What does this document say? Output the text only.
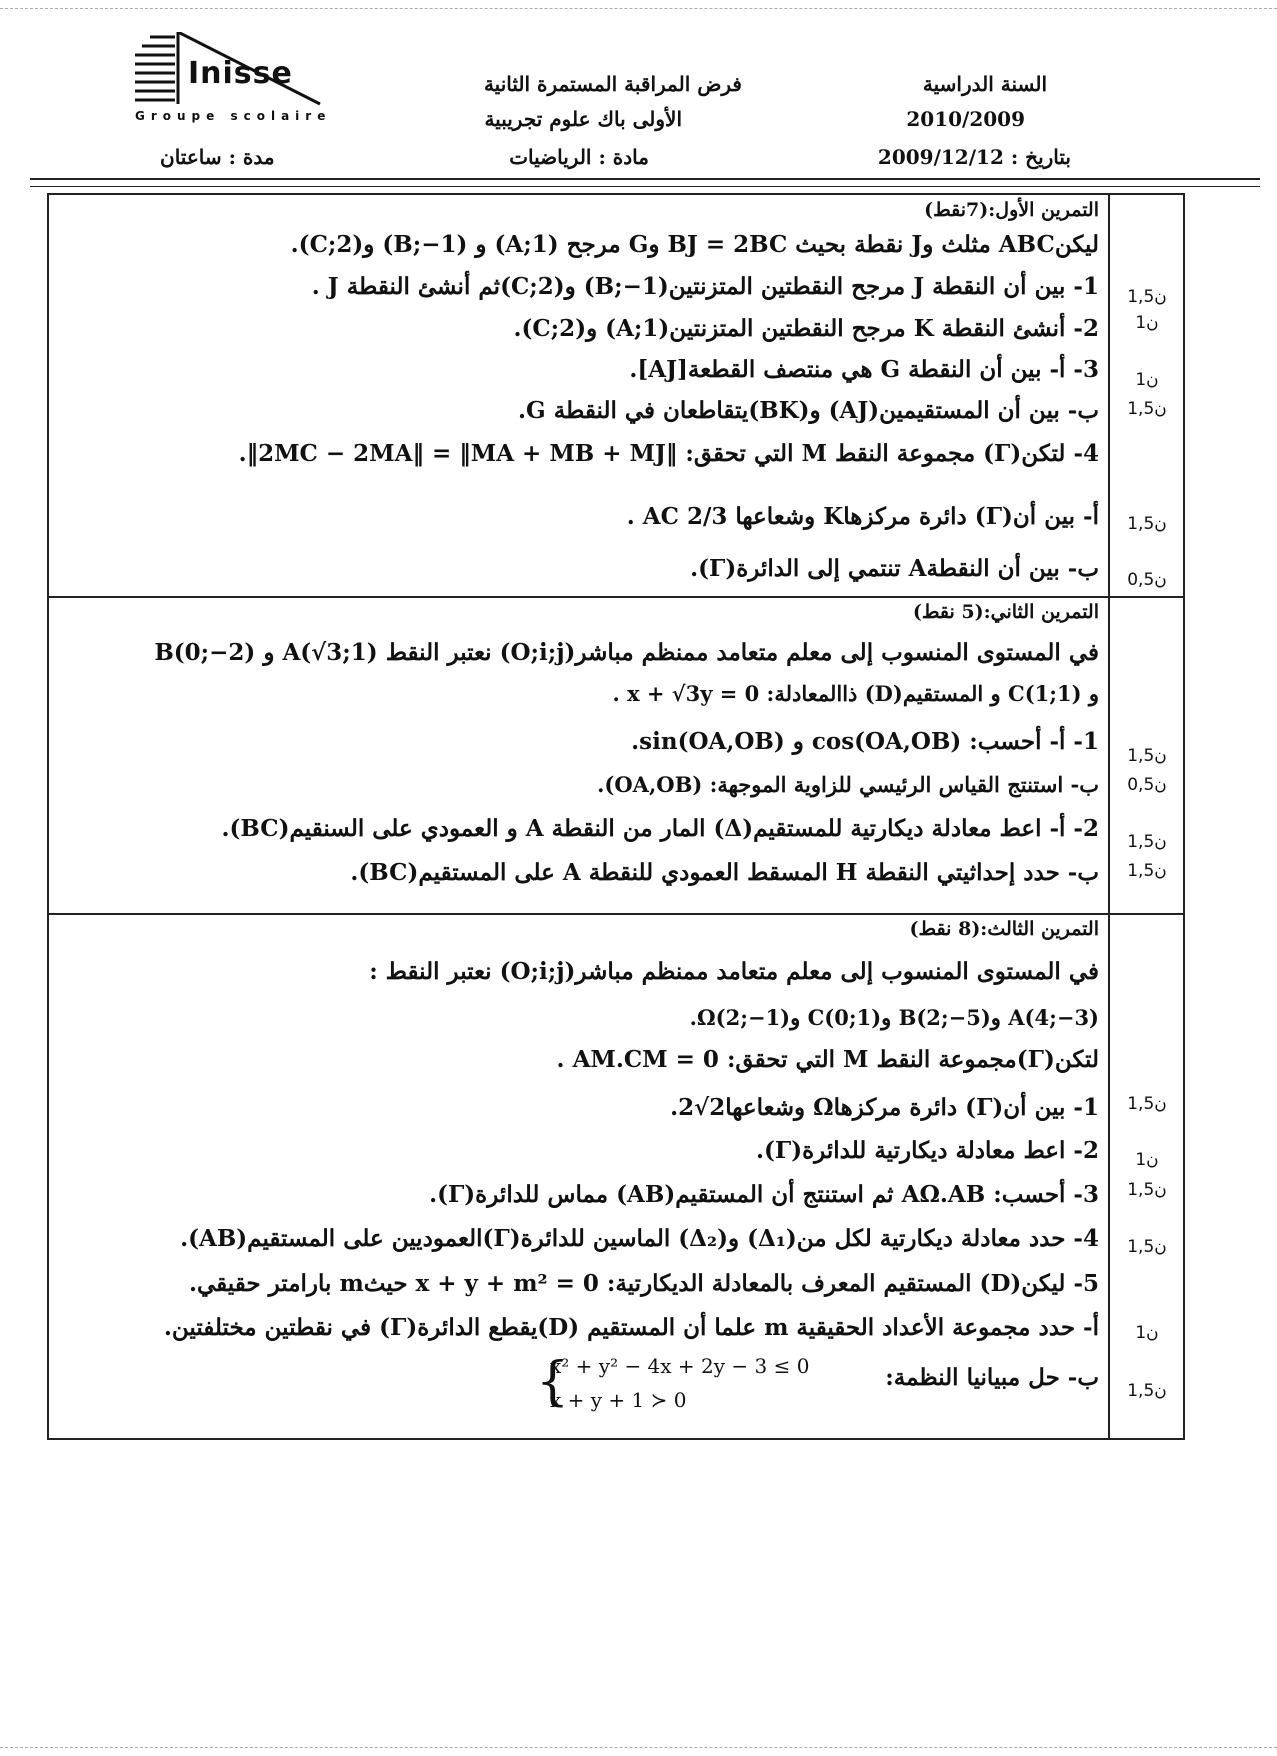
Inisse
Groupe scolaire
السنة الدراسية
2010/2009
بتاريخ : 2009/12/12
فرض المراقبة المستمرة الثانية
الأولى باك علوم تجريبية
مادة : الرياضيات
مدة : ساعتان
التمرين الأول:(7نقط)
ليكنABC مثلث وJ نقطة بحيث BJ = 2BC وG مرجح (A;1) و (B;−1) و(C;2).
1- بين أن النقطة J مرجح النقطتين المتزنتين(B;−1) و(C;2)ثم أنشئ النقطة J .
2- أنشئ النقطة K مرجح النقطتين المتزنتين(A;1) و(C;2).
3- أ- بين أن النقطة G هي منتصف القطعة[AJ].
ب- بين أن المستقيمين(AJ) و(BK)يتقاطعان في النقطة G.
4- لتكن(Γ) مجموعة النقط M التي تحقق: ‖2MC − 2MA‖ = ‖MA + MB + MJ‖.
أ- بين أن(Γ) دائرة مركزهاK وشعاعها 2/3 AC .
ب- بين أن النقطةA تنتمي إلى الدائرة(Γ).
1,5ن
1ن
1ن
1,5ن
1,5ن
0,5ن
التمرين الثاني:(5 نقط)
في المستوى المنسوب إلى معلم متعامد ممنظم مباشر(O;i;j) نعتبر النقط A(√3;1) و B(0;−2)
و C(1;1) و المستقيم(D) ذاالمعادلة: x + √3y = 0 .
1- أ- أحسب: cos(OA,OB) و sin(OA,OB).
ب- استنتج القياس الرئيسي للزاوية الموجهة: (OA,OB).
2- أ- اعط معادلة ديكارتية للمستقيم(Δ) المار من النقطة A و العمودي على السنقيم(BC).
ب- حدد إحداثيتي النقطة H المسقط العمودي للنقطة A على المستقيم(BC).
1,5ن
0,5ن
1,5ن
1,5ن
التمرين الثالث:(8 نقط)
في المستوى المنسوب إلى معلم متعامد ممنظم مباشر(O;i;j) نعتبر النقط :
A(4;−3) وB(2;−5) وC(0;1) وΩ(2;−1).
لتكن(Γ)مجموعة النقط M التي تحقق: AM.CM = 0 .
1- بين أن(Γ) دائرة مركزهاΩ وشعاعها2√2.
2- اعط معادلة ديكارتية للدائرة(Γ).
3- أحسب: AΩ.AB ثم استنتج أن المستقيم(AB) مماس للدائرة(Γ).
4- حدد معادلة ديكارتية لكل من(Δ₁) و(Δ₂) الماسين للدائرة(Γ)العموديين على المستقيم(AB).
5- ليكن(D) المستقيم المعرف بالمعادلة الديكارتية: x + y + m² = 0 حيثm بارامتر حقيقي.
أ- حدد مجموعة الأعداد الحقيقية m علما أن المستقيم (D)يقطع الدائرة(Γ) في نقطتين مختلفتين.
ب- حل مبيانيا النظمة:
{
x² + y² − 4x + 2y − 3 ≤ 0
x + y + 1 ≻ 0
1,5ن
1ن
1,5ن
1,5ن
1ن
1,5ن
